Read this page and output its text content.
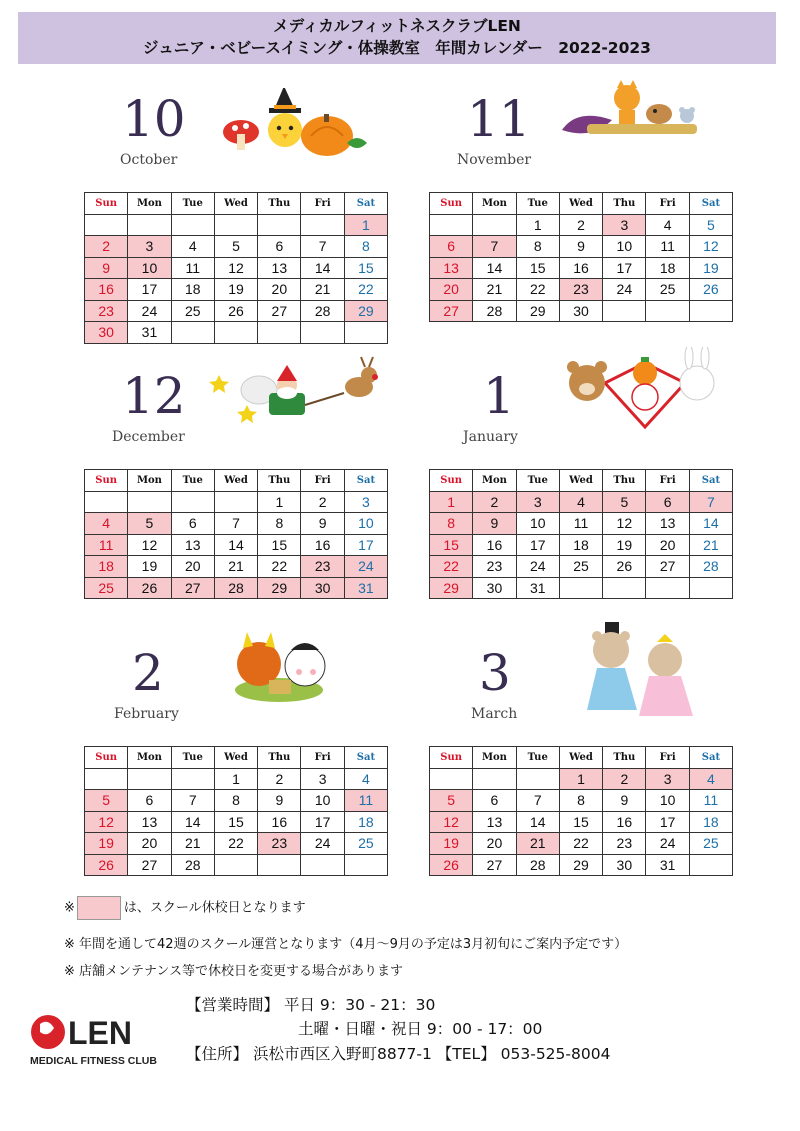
メディカルフィットネスクラブLEN
ジュニア・ベビースイミング・体操教室　年間カレンダー　2022-2023
10
October
Sun	Mon	Tue	Wed	Thu	Fri	Sat
						1
2	3	4	5	6	7	8
9	10	11	12	13	14	15
16	17	18	19	20	21	22
23	24	25	26	27	28	29
30	31					
11
November
Sun	Mon	Tue	Wed	Thu	Fri	Sat
		1	2	3	4	5
6	7	8	9	10	11	12
13	14	15	16	17	18	19
20	21	22	23	24	25	26
27	28	29	30			
12
December
Sun	Mon	Tue	Wed	Thu	Fri	Sat
				1	2	3
4	5	6	7	8	9	10
11	12	13	14	15	16	17
18	19	20	21	22	23	24
25	26	27	28	29	30	31
1
January
Sun	Mon	Tue	Wed	Thu	Fri	Sat
1	2	3	4	5	6	7
8	9	10	11	12	13	14
15	16	17	18	19	20	21
22	23	24	25	26	27	28
29	30	31				
2
February
Sun	Mon	Tue	Wed	Thu	Fri	Sat
			1	2	3	4
5	6	7	8	9	10	11
12	13	14	15	16	17	18
19	20	21	22	23	24	25
26	27	28				
3
March
Sun	Mon	Tue	Wed	Thu	Fri	Sat
			1	2	3	4
5	6	7	8	9	10	11
12	13	14	15	16	17	18
19	20	21	22	23	24	25
26	27	28	29	30	31	
※	は、スクール休校日となります
※ 年間を通して42週のスクール運営となります（4月～9月の予定は3月初旬にご案内予定です）
※ 店舗メンテナンス等で休校日を変更する場合があります
LEN
MEDICAL FITNESS CLUB
【営業時間】 平日 9：30 - 21：30
土曜・日曜・祝日 9：00 - 17：00
【住所】 浜松市西区入野町8877-1 【TEL】 053-525-8004
